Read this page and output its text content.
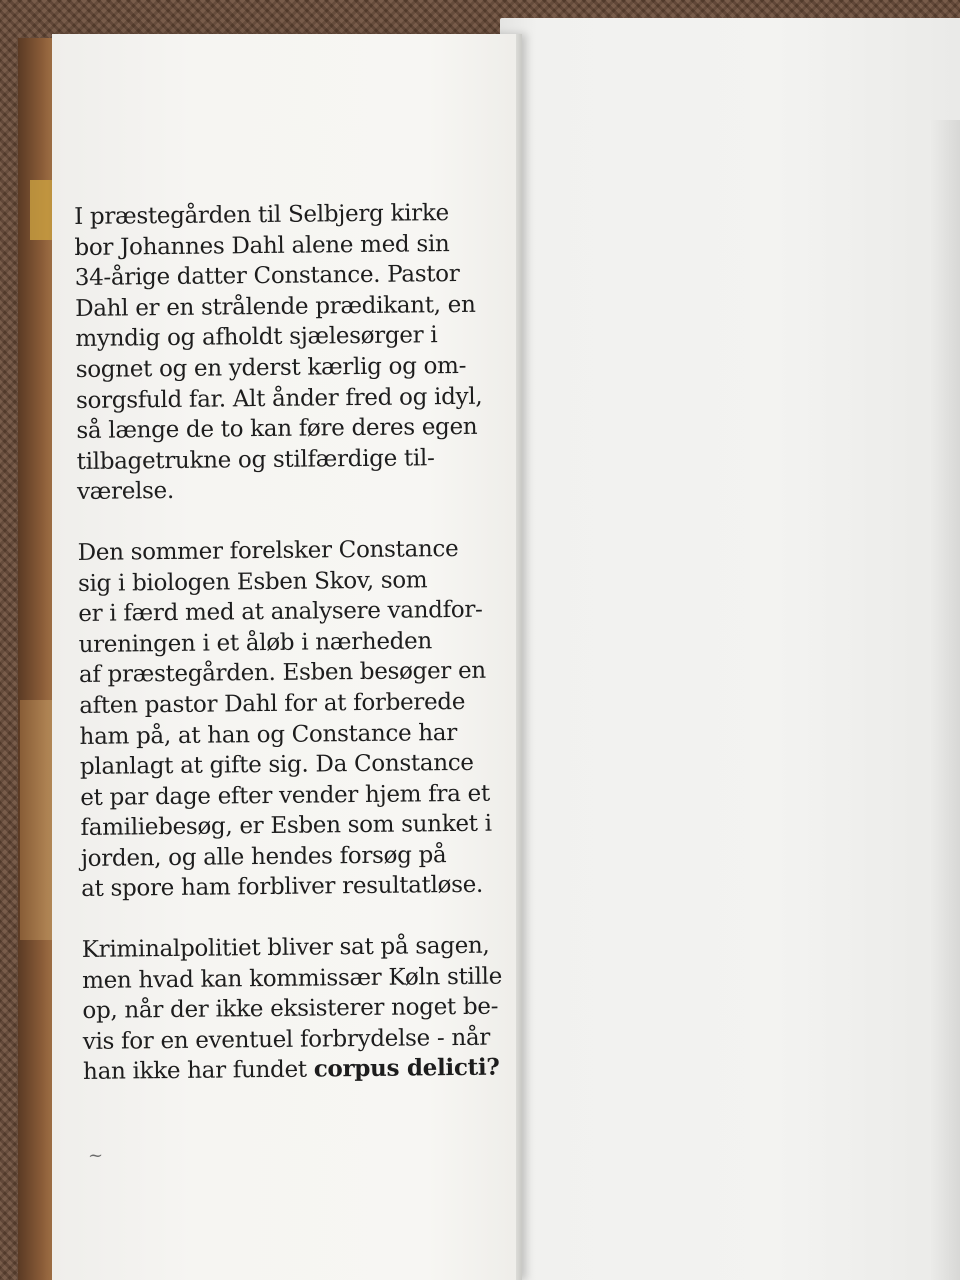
I præstegården til Selbjerg kirke
bor Johannes Dahl alene med sin
34-årige datter Constance. Pastor
Dahl er en strålende prædikant, en
myndig og afholdt sjælesørger i
sognet og en yderst kærlig og om-
sorgsfuld far. Alt ånder fred og idyl,
så længe de to kan føre deres egen
tilbagetrukne og stilfærdige til-
værelse.

Den sommer forelsker Constance
sig i biologen Esben Skov, som
er i færd med at analysere vandfor-
ureningen i et åløb i nærheden
af præstegården. Esben besøger en
aften pastor Dahl for at forberede
ham på, at han og Constance har
planlagt at gifte sig. Da Constance
et par dage efter vender hjem fra et
familiebesøg, er Esben som sunket i
jorden, og alle hendes forsøg på
at spore ham forbliver resultatløse.

Kriminalpolitiet bliver sat på sagen,
men hvad kan kommissær Køln stille
op, når der ikke eksisterer noget be-
vis for en eventuel forbrydelse - når
han ikke har fundet corpus delicti?

~
